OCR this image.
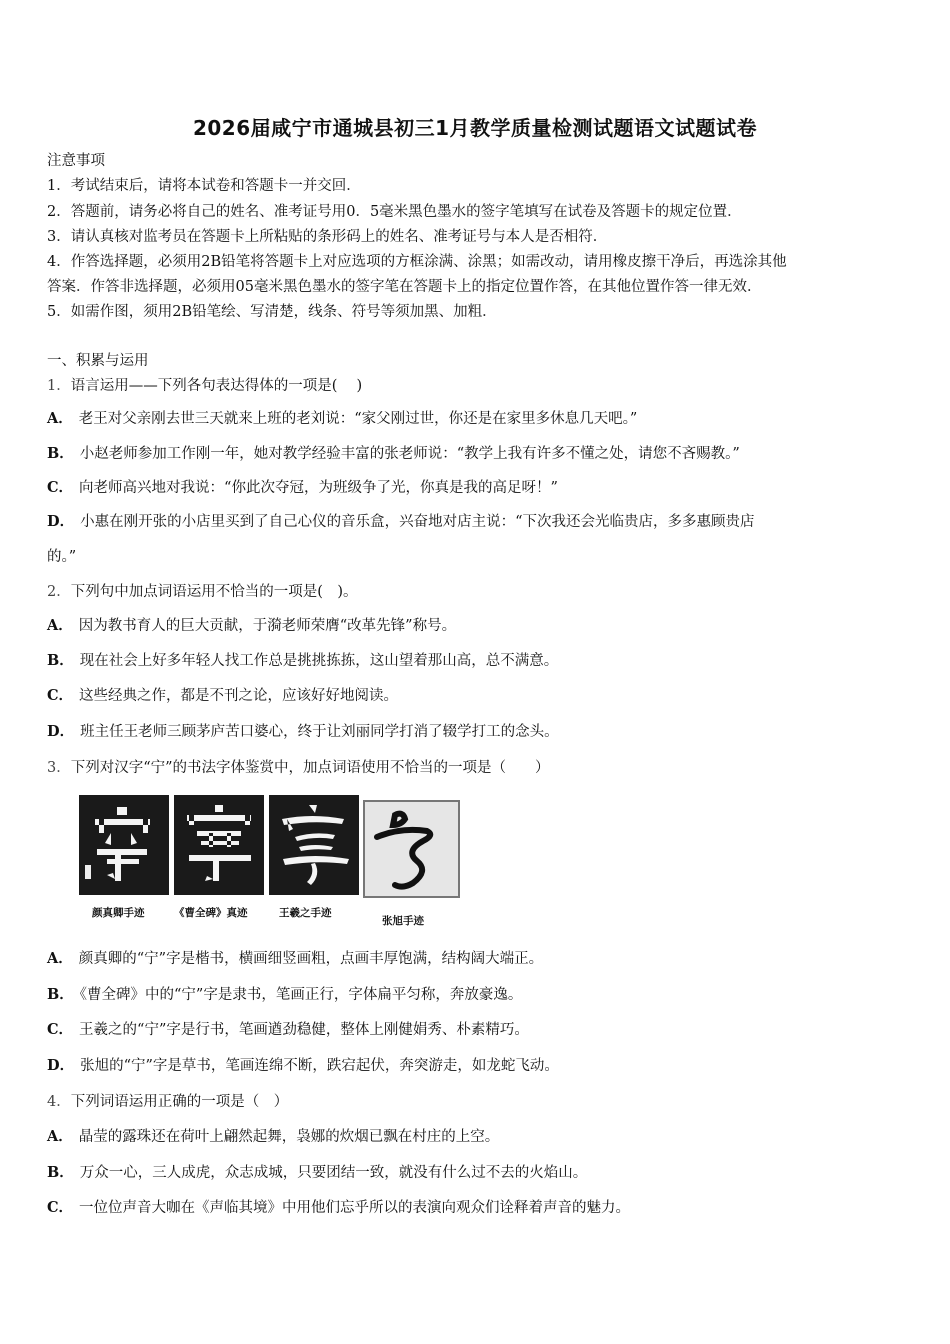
2026届咸宁市通城县初三1月教学质量检测试题语文试题试卷
注意事项
1．考试结束后，请将本试卷和答题卡一并交回．
2．答题前，请务必将自己的姓名、准考证号用0．5毫米黑色墨水的签字笔填写在试卷及答题卡的规定位置．
3．请认真核对监考员在答题卡上所粘贴的条形码上的姓名、准考证号与本人是否相符．
4．作答选择题，必须用2B铅笔将答题卡上对应选项的方框涂满、涂黑；如需改动，请用橡皮擦干净后，再选涂其他
答案．作答非选择题，必须用05毫米黑色墨水的签字笔在答题卡上的指定位置作答，在其他位置作答一律无效．
5．如需作图，须用2B铅笔绘、写清楚，线条、符号等须加黑、加粗．
一、积累与运用
1．语言运用——下列各句表达得体的一项是(　 )
A． 老王对父亲刚去世三天就来上班的老刘说：“家父刚过世，你还是在家里多休息几天吧。”
B． 小赵老师参加工作刚一年，她对教学经验丰富的张老师说：“教学上我有许多不懂之处，请您不吝赐教。”
C． 向老师高兴地对我说：“你此次夺冠，为班级争了光，你真是我的高足呀！”
D． 小惠在刚开张的小店里买到了自己心仪的音乐盒，兴奋地对店主说：“下次我还会光临贵店，多多惠顾贵店
的。”
2．下列句中加点词语运用不恰当的一项是(　)。
A． 因为教书育人的巨大贡献，于漪老师荣膺“改革先锋”称号。
B． 现在社会上好多年轻人找工作总是挑挑拣拣，这山望着那山高，总不满意。
C． 这些经典之作，都是不刊之论，应该好好地阅读。
D． 班主任王老师三顾茅庐苦口婆心，终于让刘丽同学打消了辍学打工的念头。
3．下列对汉字“宁”的书法字体鉴赏中，加点词语使用不恰当的一项是（　　）
颜真卿手迹	《曹全碑》真迹	王羲之手迹
张旭手迹
A． 颜真卿的“宁”字是楷书，横画细竖画粗，点画丰厚饱满，结构阔大端正。
B． 《曹全碑》中的“宁”字是隶书，笔画正行，字体扁平匀称，奔放豪逸。
C． 王羲之的“宁”字是行书，笔画遒劲稳健，整体上刚健娟秀、朴素精巧。
D． 张旭的“宁”字是草书，笔画连绵不断，跌宕起伏，奔突游走，如龙蛇飞动。
4．下列词语运用正确的一项是（　）
A． 晶莹的露珠还在荷叶上翩然起舞，袅娜的炊烟已飘在村庄的上空。
B． 万众一心，三人成虎，众志成城，只要团结一致，就没有什么过不去的火焰山。
C． 一位位声音大咖在《声临其境》中用他们忘乎所以的表演向观众们诠释着声音的魅力。
